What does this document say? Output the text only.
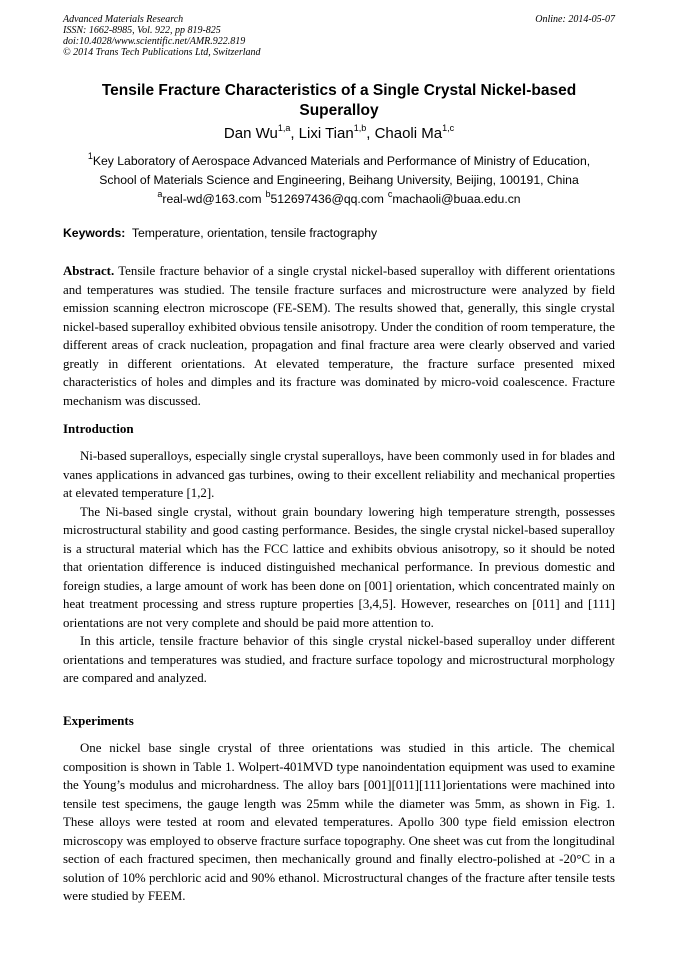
Advanced Materials Research
ISSN: 1662-8985, Vol. 922, pp 819-825
doi:10.4028/www.scientific.net/AMR.922.819
© 2014 Trans Tech Publications Ltd, Switzerland
Online: 2014-05-07
Tensile Fracture Characteristics of a Single Crystal Nickel-based Superalloy
Dan Wu$^{1,a}$, Lixi Tian$^{1,b}$, Chaoli Ma$^{1,c}$
$^1$Key Laboratory of Aerospace Advanced Materials and Performance of Ministry of Education,
School of Materials Science and Engineering, Beihang University, Beijing, 100191, China
$^a$real-wd@163.com $^b$512697436@qq.com $^c$machaoli@buaa.edu.cn
Keywords: Temperature, orientation, tensile fractography

Abstract. Tensile fracture behavior of a single crystal nickel-based superalloy with different orientations and temperatures was studied. The tensile fracture surfaces and microstructure were analyzed by field emission scanning electron microscope (FE-SEM). The results showed that, generally, this single crystal nickel-based superalloy exhibited obvious tensile anisotropy. Under the condition of room temperature, the different areas of crack nucleation, propagation and final fracture area were clearly observed and varied greatly in different orientations. At elevated temperature, the fracture surface presented mixed characteristics of holes and dimples and its fracture was dominated by micro-void coalescence. Fracture mechanism was discussed.

Introduction

Ni-based superalloys, especially single crystal superalloys, have been commonly used in for blades and vanes applications in advanced gas turbines, owing to their excellent reliability and mechanical properties at elevated temperature [1,2].

The Ni-based single crystal, without grain boundary lowering high temperature strength, possesses microstructural stability and good casting performance. Besides, the single crystal nickel-based superalloy is a structural material which has the FCC lattice and exhibits obvious anisotropy, so it should be noted that orientation difference is induced distinguished mechanical performance. In previous domestic and foreign studies, a large amount of work has been done on [001] orientation, which concentrated mainly on heat treatment processing and stress rupture properties [3,4,5]. However, researches on [011] and [111] orientations are not very complete and should be paid more attention to.

In this article, tensile fracture behavior of this single crystal nickel-based superalloy under different orientations and temperatures was studied, and fracture surface topology and microstructural morphology are compared and analyzed.

Experiments

One nickel base single crystal of three orientations was studied in this article. The chemical composition is shown in Table 1. Wolpert-401MVD type nanoindentation equipment was used to examine the Young’s modulus and microhardness. The alloy bars [001][011][111]orientations were machined into tensile test specimens, the gauge length was 25mm while the diameter was 5mm, as shown in Fig. 1. These alloys were tested at room and elevated temperatures. Apollo 300 type field emission electron microscopy was employed to observe fracture surface topography. One sheet was cut from the longitudinal section of each fractured specimen, then mechanically ground and finally electro-polished at -20°C in a solution of 10% perchloric acid and 90% ethanol. Microstructural changes of the fracture after tensile tests were studied by FEEM.
